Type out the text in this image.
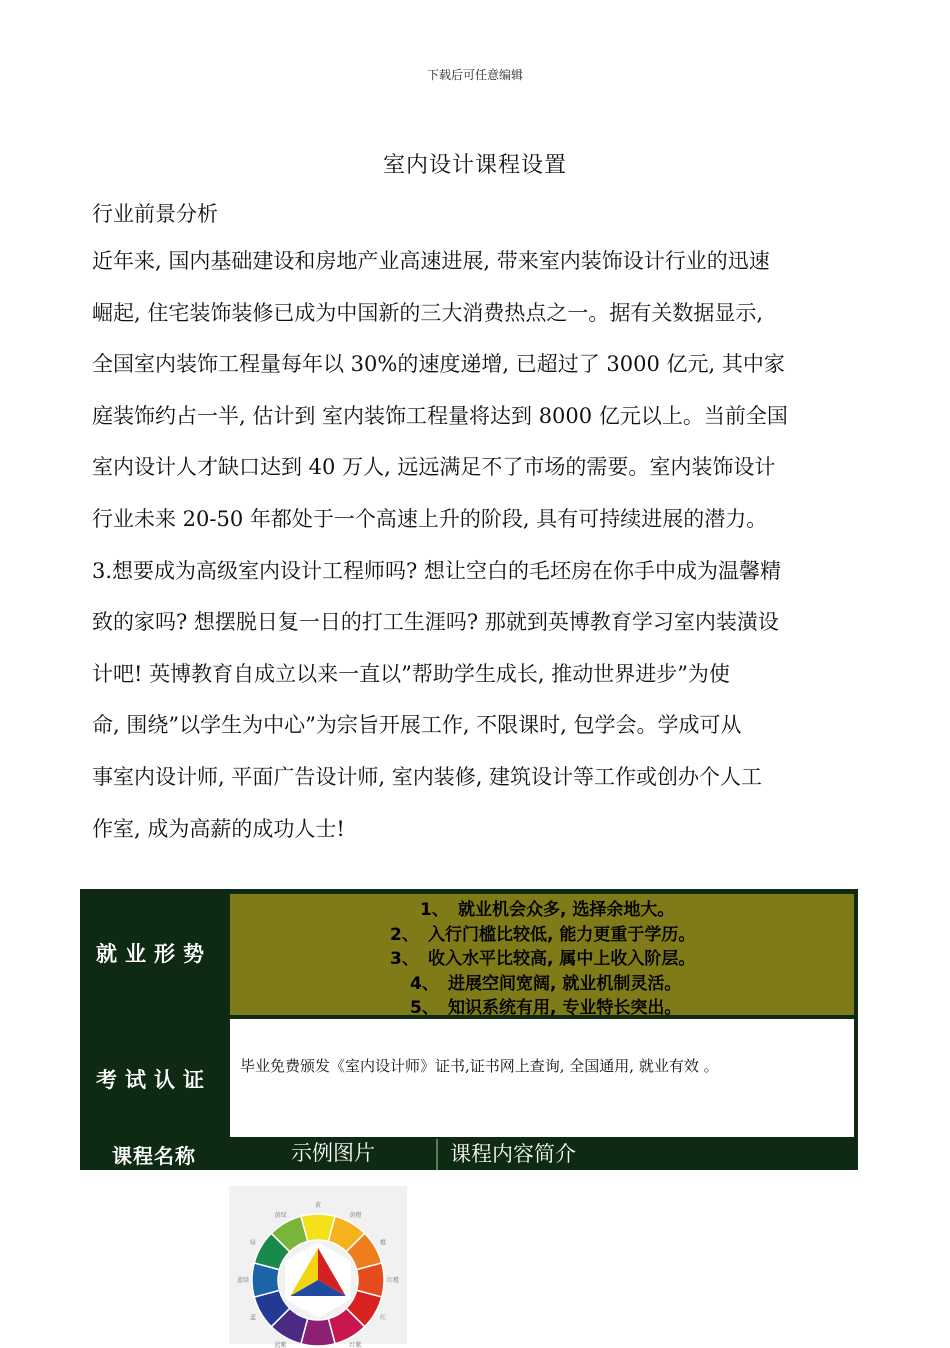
下载后可任意编辑
室内设计课程设置
行业前景分析
近年来, 国内基础建设和房地产业高速进展, 带来室内装饰设计行业的迅速
崛起, 住宅装饰装修已成为中国新的三大消费热点之一。据有关数据显示,
全国室内装饰工程量每年以 30%的速度递增, 已超过了 3000 亿元, 其中家
庭装饰约占一半, 估计到 室内装饰工程量将达到 8000 亿元以上。当前全国
室内设计人才缺口达到 40 万人, 远远满足不了市场的需要。室内装饰设计
行业未来 20-50 年都处于一个高速上升的阶段, 具有可持续进展的潜力。
3.想要成为高级室内设计工程师吗? 想让空白的毛坯房在你手中成为温馨精
致的家吗? 想摆脱日复一日的打工生涯吗? 那就到英博教育学习室内装潢设
计吧! 英博教育自成立以来一直以”帮助学生成长, 推动世界进步”为使
命, 围绕”以学生为中心”为宗旨开展工作, 不限课时, 包学会。学成可从
事室内设计师, 平面广告设计师, 室内装修, 建筑设计等工作或创办个人工
作室, 成为高薪的成功人士!
就业形势
1、 就业机会众多, 选择余地大。
2、 入行门槛比较低, 能力更重于学历。
3、 收入水平比较高, 属中上收入阶层。
4、 进展空间宽阔, 就业机制灵活。
5、 知识系统有用, 专业特长突出。
考试认证
毕业免费颁发《室内设计师》证书,证书网上查询, 全国通用, 就业有效 。
课程名称	示例图片	课程内容简介
黄
黄橙
橙
红橙
红
红紫
蓝紫
蓝
蓝绿
绿
黄绿
